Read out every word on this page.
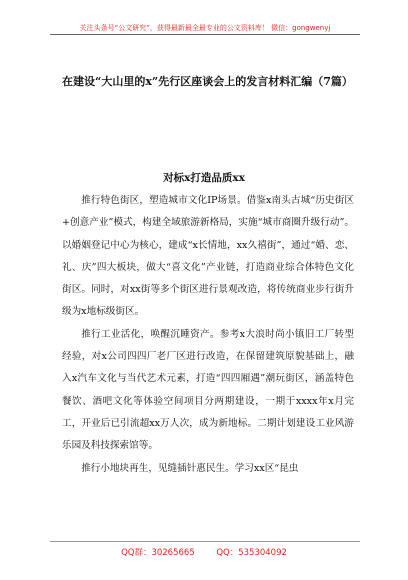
关注头条号“公文研究”，获得最新最全最专业的公文资料库！ 微信：gongwenyj
在建设“大山里的x”先行区座谈会上的发言材料汇编（7篇）
对标x打造品质xx

推行特色街区，塑造城市文化IP场景。借鉴x南头古城“历史街区+创意产业”模式，构建全域旅游新格局，实施“城市商圈升级行动”。以婚姻登记中心为核心，建成“x长情地，xx久禧街”，通过“婚、恋、礼、庆”四大板块，做大“喜文化”产业链，打造商业综合体特色文化街区。同时，对xx街等多个街区进行景观改造，将传统商业步行街升级为x地标级街区。

推行工业活化，唤醒沉睡资产。参考x大浪时尚小镇旧工厂转型经验，对x公司四四厂老厂区进行改造，在保留建筑原貌基础上，融入x汽车文化与当代艺术元素，打造“四四厢遇”潮玩街区，涵盖特色餐饮、酒吧文化等体验空间项目分两期建设，一期于xxxx年x月完工，开业后已引流超xx万人次，成为新地标。二期计划建设工业风游乐园及科技探索馆等。

推行小地块再生，见缝插针惠民生。学习xx区“昆虫

QQ群：30265665        QQ：535304092
